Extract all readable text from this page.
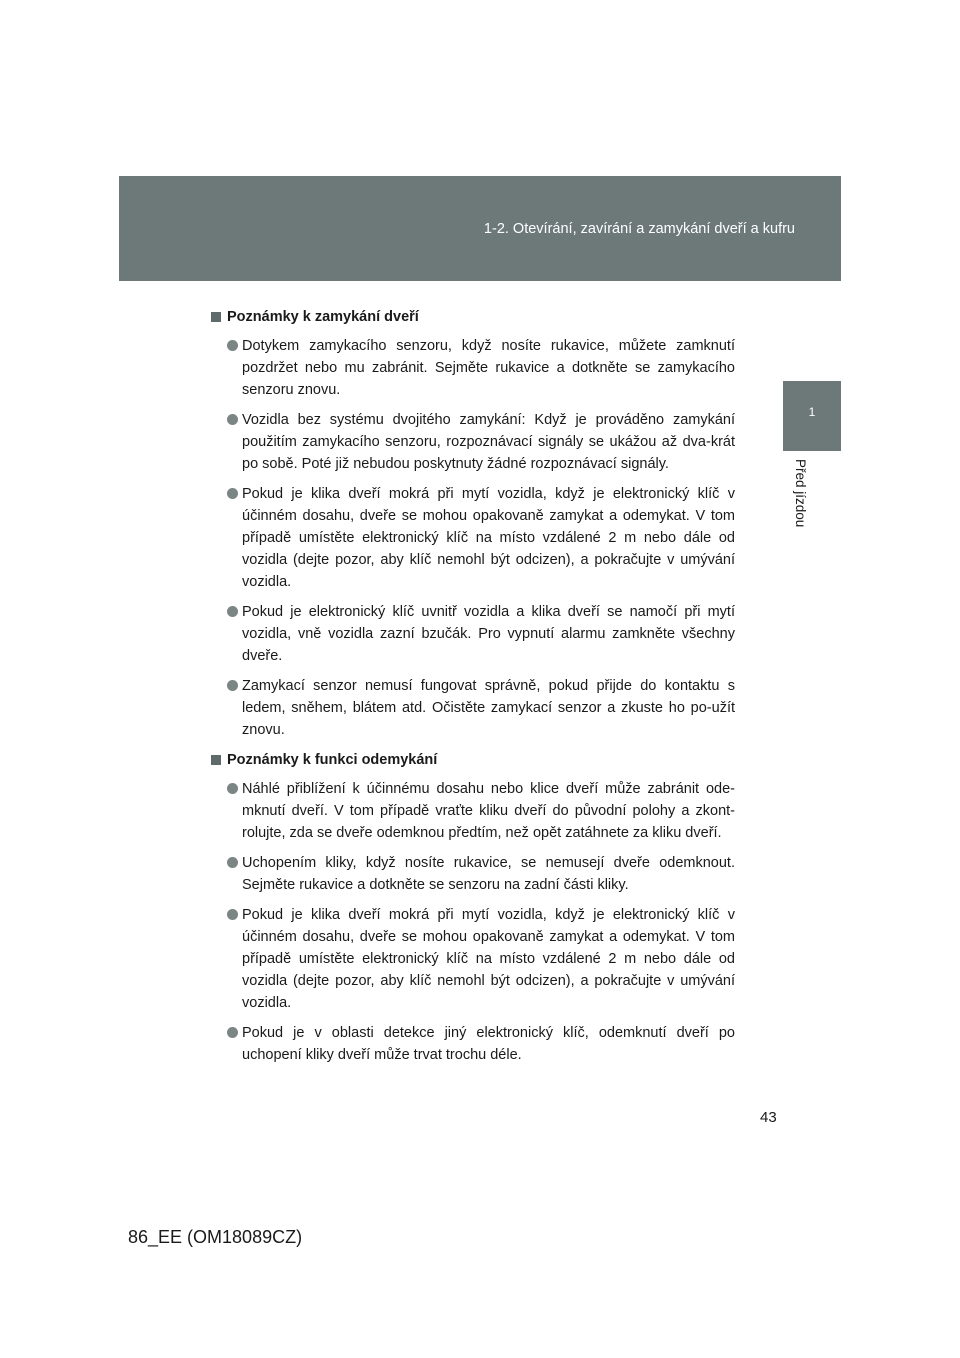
1-2. Otevírání, zavírání a zamykání dveří a kufru
1
Před jízdou
Poznámky k zamykání dveří
Dotykem zamykacího senzoru, když nosíte rukavice, můžete zamknutí pozdržet nebo mu zabránit. Sejměte rukavice a dotkněte se zamykacího senzoru znovu.
Vozidla bez systému dvojitého zamykání: Když je prováděno zamykání použitím zamykacího senzoru, rozpoznávací signály se ukážou až dva-krát po sobě. Poté již nebudou poskytnuty žádné rozpoznávací signály.
Pokud je klika dveří mokrá při mytí vozidla, když je elektronický klíč v účinném dosahu, dveře se mohou opakovaně zamykat a odemykat. V tom případě umístěte elektronický klíč na místo vzdálené 2 m nebo dále od vozidla (dejte pozor, aby klíč nemohl být odcizen), a pokračujte v umývání vozidla.
Pokud je elektronický klíč uvnitř vozidla a klika dveří se namočí při mytí vozidla, vně vozidla zazní bzučák. Pro vypnutí alarmu zamkněte všechny dveře.
Zamykací senzor nemusí fungovat správně, pokud přijde do kontaktu s ledem, sněhem, blátem atd. Očistěte zamykací senzor a zkuste ho po-užít znovu.
Poznámky k funkci odemykání
Náhlé přiblížení k účinnému dosahu nebo klice dveří může zabránit ode-mknutí dveří. V tom případě vraťte kliku dveří do původní polohy a zkont-rolujte, zda se dveře odemknou předtím, než opět zatáhnete za kliku dveří.
Uchopením kliky, když nosíte rukavice, se nemusejí dveře odemknout. Sejměte rukavice a dotkněte se senzoru na zadní části kliky.
Pokud je klika dveří mokrá při mytí vozidla, když je elektronický klíč v účinném dosahu, dveře se mohou opakovaně zamykat a odemykat. V tom případě umístěte elektronický klíč na místo vzdálené 2 m nebo dále od vozidla (dejte pozor, aby klíč nemohl být odcizen), a pokračujte v umývání vozidla.
Pokud je v oblasti detekce jiný elektronický klíč, odemknutí dveří po uchopení kliky dveří může trvat trochu déle.
43
86_EE (OM18089CZ)
